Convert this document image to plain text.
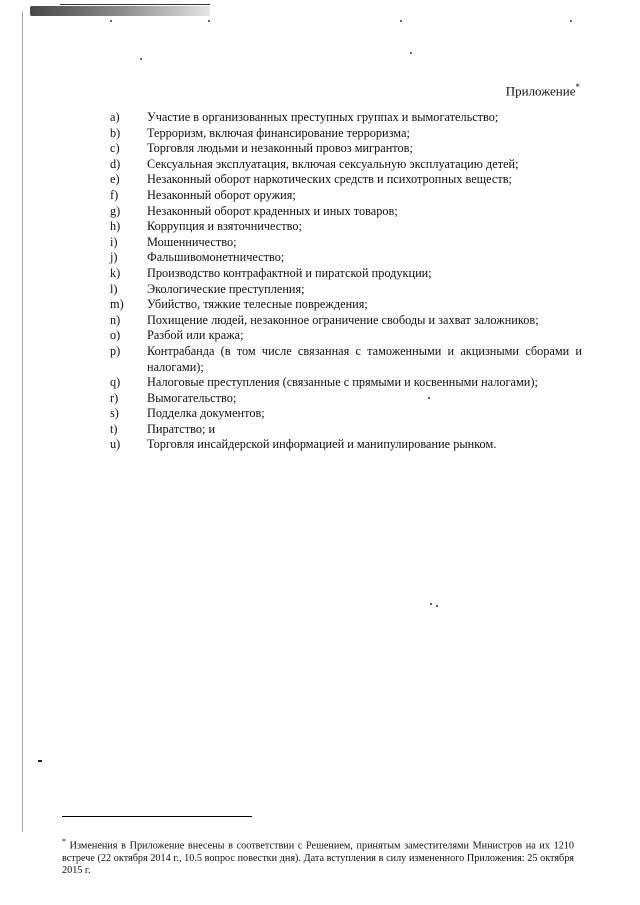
Приложение*
a) Участие в организованных преступных группах и вымогательство;
b) Терроризм, включая финансирование терроризма;
c) Торговля людьми и незаконный провоз мигрантов;
d) Сексуальная эксплуатация, включая сексуальную эксплуатацию детей;
e) Незаконный оборот наркотических средств и психотропных веществ;
f) Незаконный оборот оружия;
g) Незаконный оборот краденных и иных товаров;
h) Коррупция и взяточничество;
i) Мошенничество;
j) Фальшивомонетничество;
k) Производство контрафактной и пиратской продукции;
l) Экологические преступления;
m) Убийство, тяжкие телесные повреждения;
n) Похищение людей, незаконное ограничение свободы и захват заложников;
o) Разбой или кража;
p) Контрабанда (в том числе связанная с таможенными и акцизными сборами и налогами);
q) Налоговые преступления (связанные с прямыми и косвенными налогами);
r) Вымогательство;
s) Подделка документов;
t) Пиратство; и
u) Торговля инсайдерской информацией и манипулирование рынком.
* Изменения в Приложение внесены в соответствии с Решением, принятым заместителями Министров на их 1210 встрече (22 октября 2014 г., 10.5 вопрос повестки дня). Дата вступления в силу измененного Приложения: 25 октября 2015 г.
